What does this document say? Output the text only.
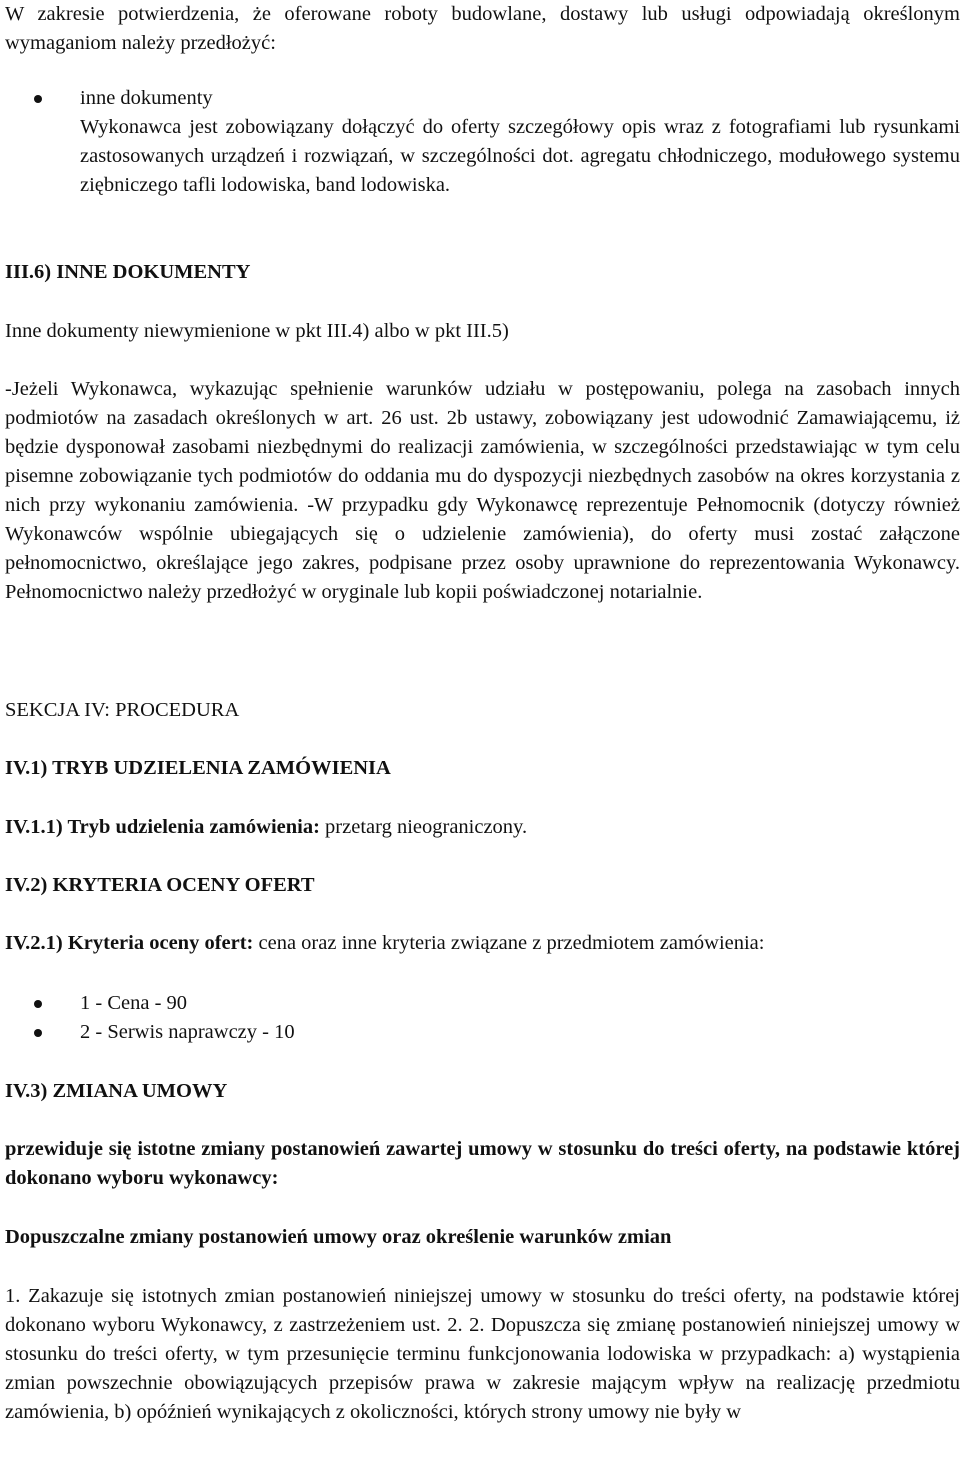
W zakresie potwierdzenia, że oferowane roboty budowlane, dostawy lub usługi odpowiadają określonym wymaganiom należy przedłożyć:

inne dokumenty

Wykonawca jest zobowiązany dołączyć do oferty szczegółowy opis wraz z fotografiami lub rysunkami zastosowanych urządzeń i rozwiązań, w szczególności dot. agregatu chłodniczego, modułowego systemu ziębniczego tafli lodowiska, band lodowiska.

III.6) INNE DOKUMENTY

Inne dokumenty niewymienione w pkt III.4) albo w pkt III.5)

-Jeżeli Wykonawca, wykazując spełnienie warunków udziału w postępowaniu, polega na zasobach innych podmiotów na zasadach określonych w art. 26 ust. 2b ustawy, zobowiązany jest udowodnić Zamawiającemu, iż będzie dysponował zasobami niezbędnymi do realizacji zamówienia, w szczególności przedstawiając w tym celu pisemne zobowiązanie tych podmiotów do oddania mu do dyspozycji niezbędnych zasobów na okres korzystania z nich przy wykonaniu zamówienia. -W przypadku gdy Wykonawcę reprezentuje Pełnomocnik (dotyczy również Wykonawców wspólnie ubiegających się o udzielenie zamówienia), do oferty musi zostać załączone pełnomocnictwo, określające jego zakres, podpisane przez osoby uprawnione do reprezentowania Wykonawcy. Pełnomocnictwo należy przedłożyć w oryginale lub kopii poświadczonej notarialnie.

SEKCJA IV: PROCEDURA

IV.1) TRYB UDZIELENIA ZAMÓWIENIA

IV.1.1) Tryb udzielenia zamówienia: przetarg nieograniczony.

IV.2) KRYTERIA OCENY OFERT

IV.2.1) Kryteria oceny ofert: cena oraz inne kryteria związane z przedmiotem zamówienia:

1 - Cena - 90
2 - Serwis naprawczy - 10

IV.3) ZMIANA UMOWY

przewiduje się istotne zmiany postanowień zawartej umowy w stosunku do treści oferty, na podstawie której dokonano wyboru wykonawcy:

Dopuszczalne zmiany postanowień umowy oraz określenie warunków zmian

1. Zakazuje się istotnych zmian postanowień niniejszej umowy w stosunku do treści oferty, na podstawie której dokonano wyboru Wykonawcy, z zastrzeżeniem ust. 2. 2. Dopuszcza się zmianę postanowień niniejszej umowy w stosunku do treści oferty, w tym przesunięcie terminu funkcjonowania lodowiska w przypadkach: a) wystąpienia zmian powszechnie obowiązujących przepisów prawa w zakresie mającym wpływ na realizację przedmiotu zamówienia, b) opóźnień wynikających z okoliczności, których strony umowy nie były w
